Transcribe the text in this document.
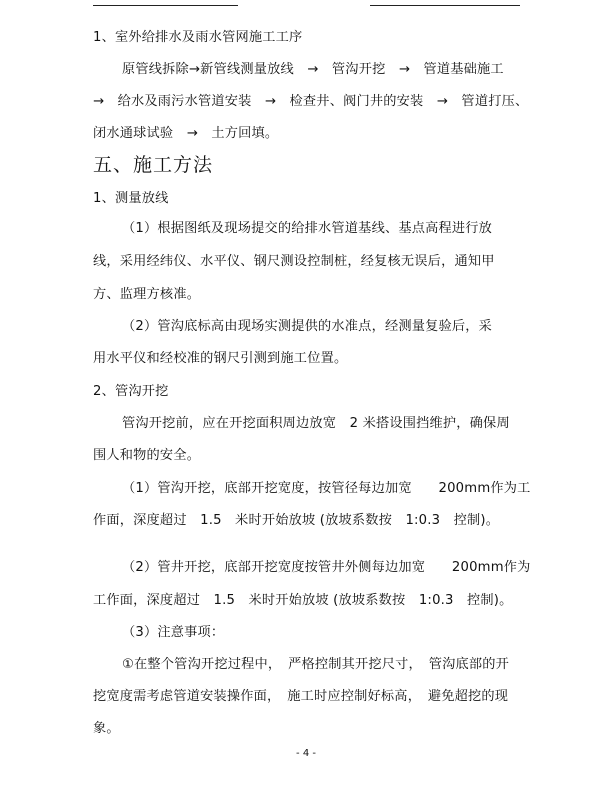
1、室外给排水及雨水管网施工工序
原管线拆除→新管线测量放线　→　管沟开挖　→　管道基础施工
→　给水及雨污水管道安装　→　检查井、阀门井的安装　→　管道打压、
闭水通球试验　→　土方回填。
五、施工方法
1、测量放线
（1）根据图纸及现场提交的给排水管道基线、基点高程进行放
线，采用经纬仪、水平仪、钢尺测设控制桩，经复核无误后，通知甲
方、监理方核准。
（2）管沟底标高由现场实测提供的水准点，经测量复验后，采
用水平仪和经校准的钢尺引测到施工位置。
2、管沟开挖
管沟开挖前，应在开挖面积周边放宽　2 米搭设围挡维护，确保周
围人和物的安全。
（1）管沟开挖，底部开挖宽度，按管径每边加宽　　200mm作为工
作面，深度超过　1.5　米时开始放坡 (放坡系数按　1:0.3　控制)。
（2）管井开挖，底部开挖宽度按管井外侧每边加宽　　200mm作为
工作面，深度超过　1.5　米时开始放坡 (放坡系数按　1:0.3　控制)。
（3）注意事项：
①在整个管沟开挖过程中，　严格控制其开挖尺寸，　管沟底部的开
挖宽度需考虑管道安装操作面，　施工时应控制好标高，　避免超挖的现
象。
- 4 -
